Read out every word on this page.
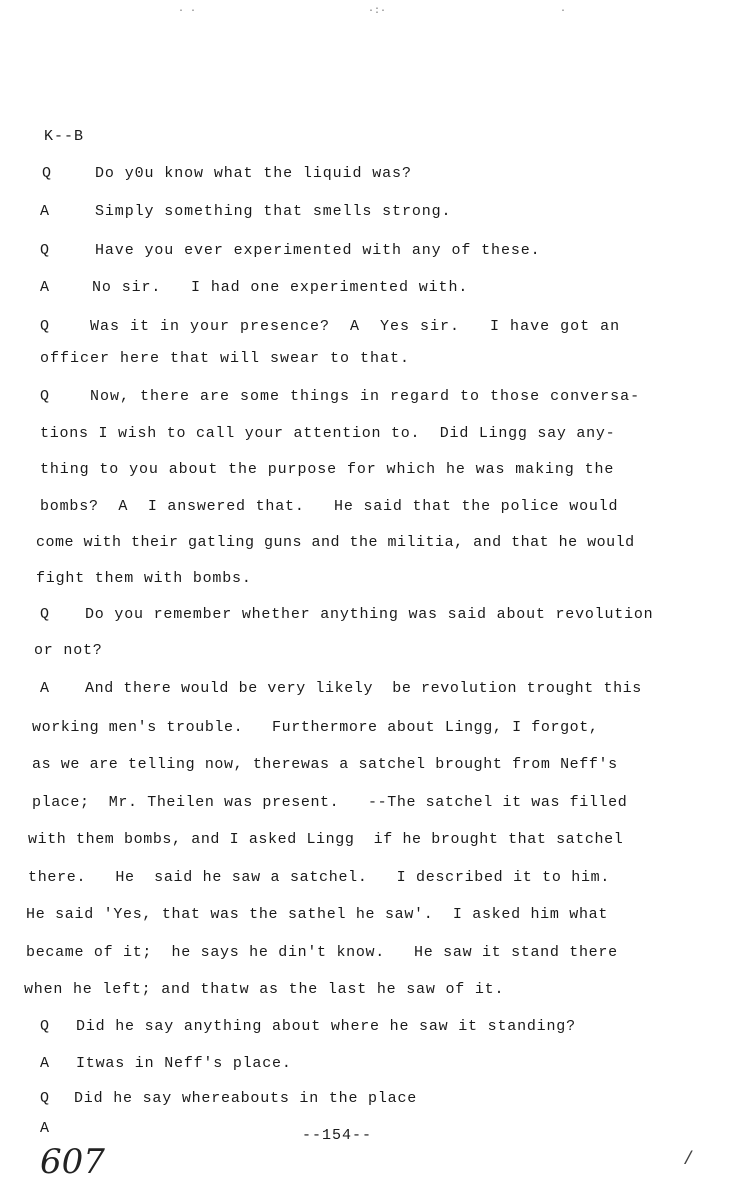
· ·	·:·	·
K--B
Q	Do y0u know what the liquid was?
A	Simply something that smells strong.
Q	Have you ever experimented with any of these.
A	No sir.   I had one experimented with.
Q	Was it in your presence?  A  Yes sir.   I have got an
officer here that will swear to that.
Q	Now, there are some things in regard to those conversa-
tions I wish to call your attention to.  Did Lingg say any-
thing to you about the purpose for which he was making the
bombs?  A  I answered that.   He said that the police would
come with their gatling guns and the militia, and that he would
fight them with bombs.
Q Do you remember whether anything was said about revolution
or not?
A And there would be very likely  be revolution trought this
working men's trouble.   Furthermore about Lingg, I forgot,
as we are telling now, therewas a satchel brought from Neff's
place;  Mr. Theilen was present.   --The satchel it was filled
with them bombs, and I asked Lingg  if he brought that satchel
there.   He  said he saw a satchel.   I described it to him.
He said 'Yes, that was the sathel he saw'.  I asked him what
became of it;  he says he din't know.   He saw it stand there
when he left; and thatw as the last he saw of it.
Q Did he say anything about where he saw it standing?
A Itwas in Neff's place.
Q Did he say whereabouts in the place
A	--154--
607	/
